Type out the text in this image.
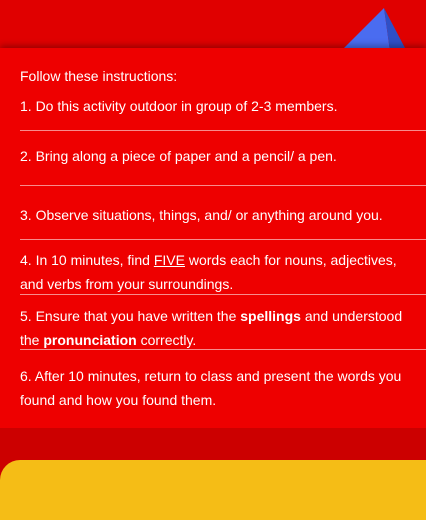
Follow these instructions:
1. Do this activity outdoor in group of 2-3 members.
2. Bring along a piece of paper and a pencil/ a pen.
3. Observe situations, things, and/ or anything around you.
4. In 10 minutes, find FIVE words each for nouns, adjectives, and verbs from your surroundings.
5. Ensure that you have written the spellings and understood the pronunciation correctly.
6. After 10 minutes, return to class and present the words you found and how you found them.
